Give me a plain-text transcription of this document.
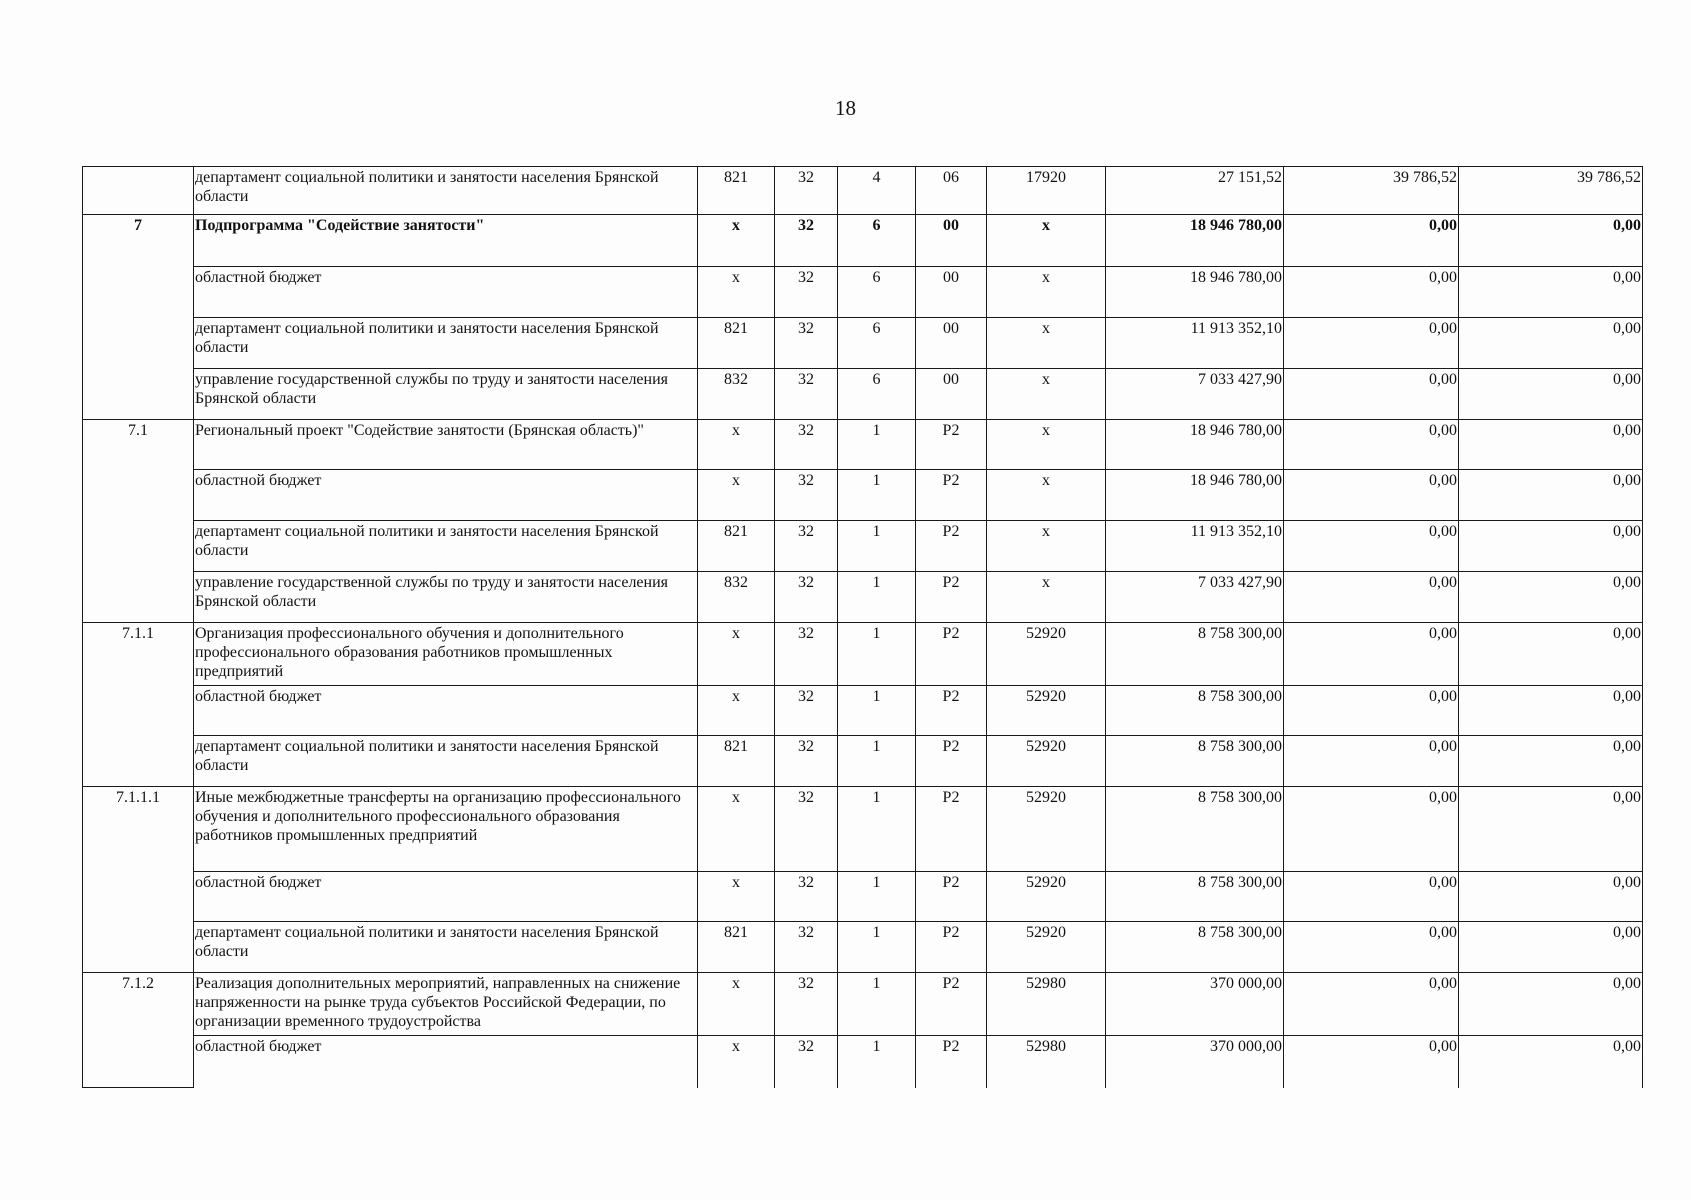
18
	департамент социальной политики и занятости населения Брянской области	821	32	4	06	17920	27 151,52	39 786,52	39 786,52
7	Подпрограмма "Содействие занятости"	х	32	6	00	х	18 946 780,00	0,00	0,00
	областной бюджет	х	32	6	00	х	18 946 780,00	0,00	0,00
	департамент социальной политики и занятости населения Брянской области	821	32	6	00	х	11 913 352,10	0,00	0,00
	управление государственной службы по труду и занятости населения Брянской области	832	32	6	00	х	7 033 427,90	0,00	0,00
7.1	Региональный проект "Содействие занятости (Брянская область)"	х	32	1	Р2	х	18 946 780,00	0,00	0,00
	областной бюджет	х	32	1	Р2	х	18 946 780,00	0,00	0,00
	департамент социальной политики и занятости населения Брянской области	821	32	1	Р2	х	11 913 352,10	0,00	0,00
	управление государственной службы по труду и занятости населения Брянской области	832	32	1	Р2	х	7 033 427,90	0,00	0,00
7.1.1	Организация профессионального обучения и дополнительного профессионального образования работников промышленных предприятий	х	32	1	Р2	52920	8 758 300,00	0,00	0,00
	областной бюджет	х	32	1	Р2	52920	8 758 300,00	0,00	0,00
	департамент социальной политики и занятости населения Брянской области	821	32	1	Р2	52920	8 758 300,00	0,00	0,00
7.1.1.1	Иные межбюджетные трансферты на организацию профессионального обучения и дополнительного профессионального образования работников промышленных предприятий	х	32	1	Р2	52920	8 758 300,00	0,00	0,00
	областной бюджет	х	32	1	Р2	52920	8 758 300,00	0,00	0,00
	департамент социальной политики и занятости населения Брянской области	821	32	1	Р2	52920	8 758 300,00	0,00	0,00
7.1.2	Реализация дополнительных мероприятий, направленных на снижение напряженности на рынке труда субъектов Российской Федерации, по организации временного трудоустройства	х	32	1	Р2	52980	370 000,00	0,00	0,00
	областной бюджет	х	32	1	Р2	52980	370 000,00	0,00	0,00
